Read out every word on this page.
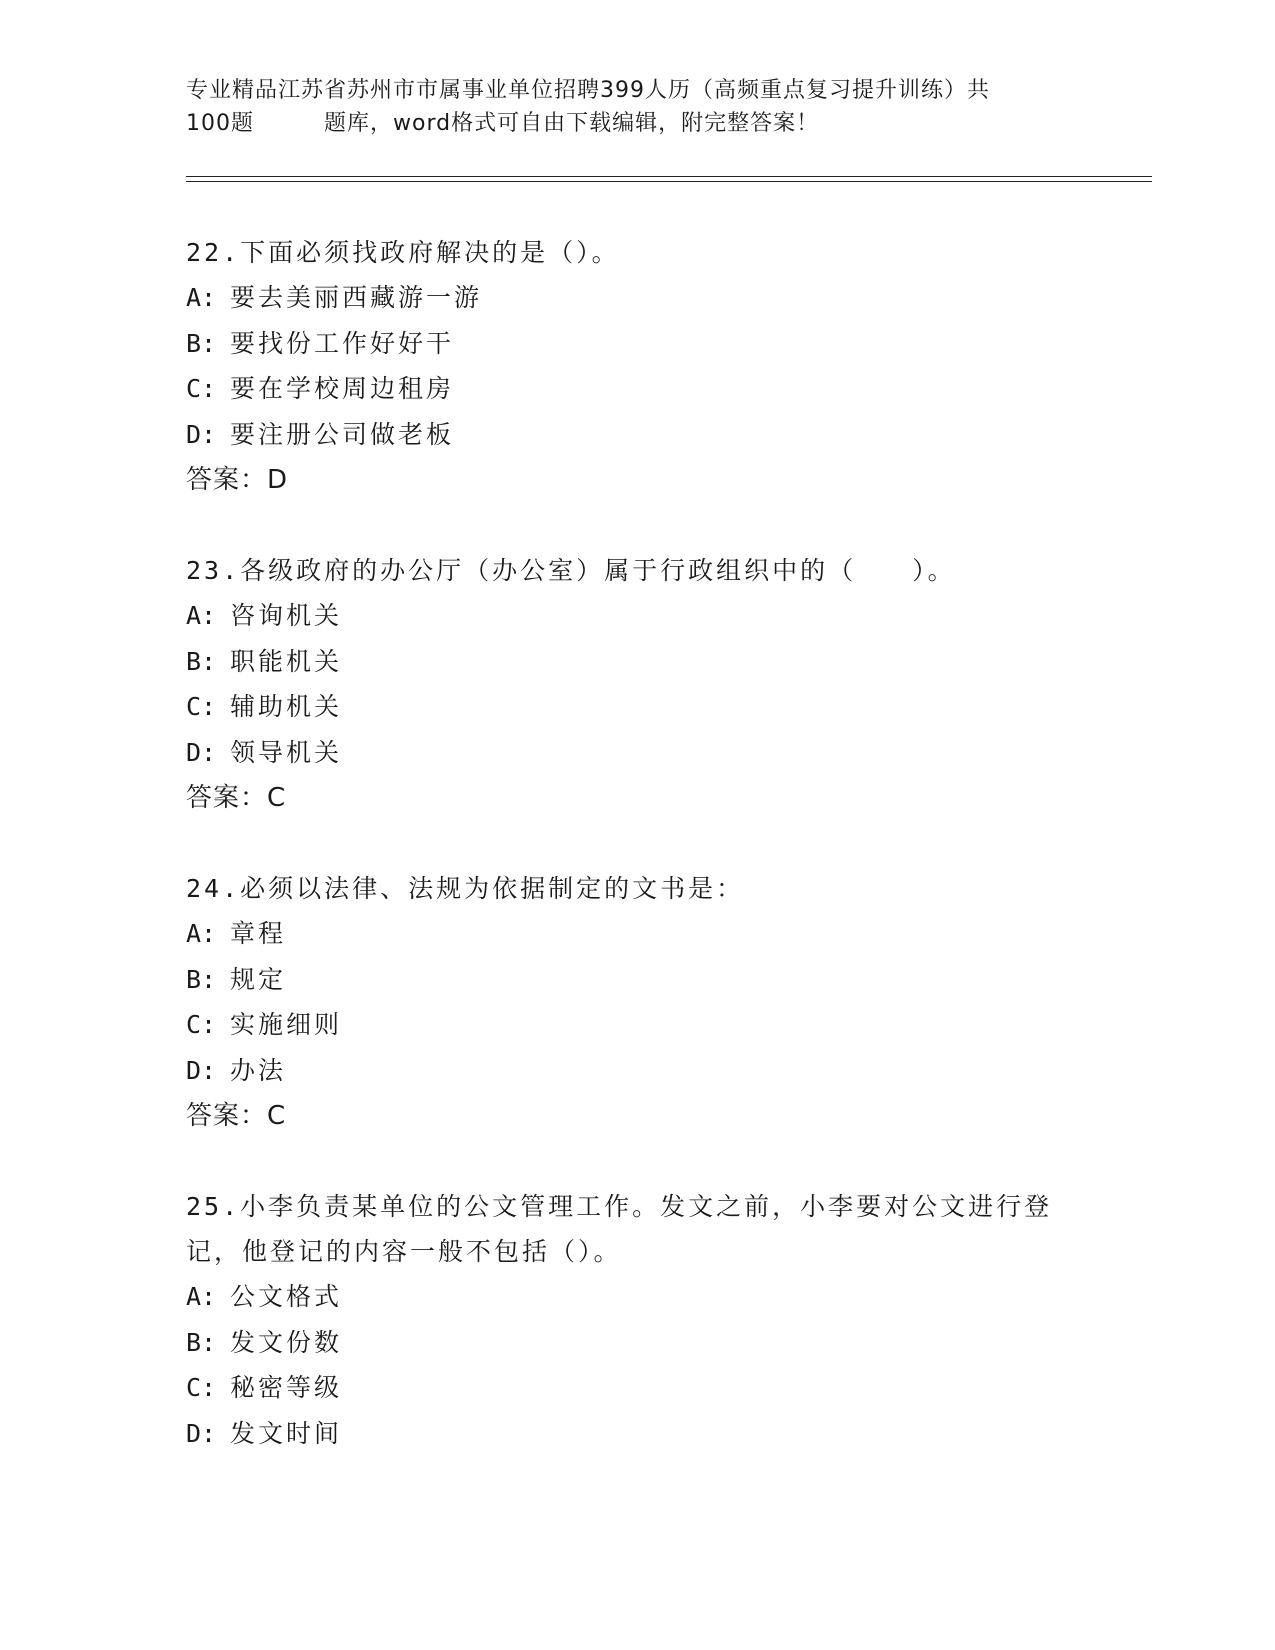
专业精品江苏省苏州市市属事业单位招聘399人历（高频重点复习提升训练）共
100题	题库，word格式可自由下载编辑，附完整答案！

22.下面必须找政府解决的是（）。

A: 要去美丽西藏游一游

B: 要找份工作好好干

C: 要在学校周边租房

D: 要注册公司做老板

答案：D

23.各级政府的办公厅（办公室）属于行政组织中的（　　）。

A: 咨询机关

B: 职能机关

C: 辅助机关

D: 领导机关

答案：C

24.必须以法律、法规为依据制定的文书是：

A: 章程

B: 规定

C: 实施细则

D: 办法

答案：C

25.小李负责某单位的公文管理工作。发文之前，小李要对公文进行登

记，他登记的内容一般不包括（）。

A: 公文格式

B: 发文份数

C: 秘密等级

D: 发文时间
